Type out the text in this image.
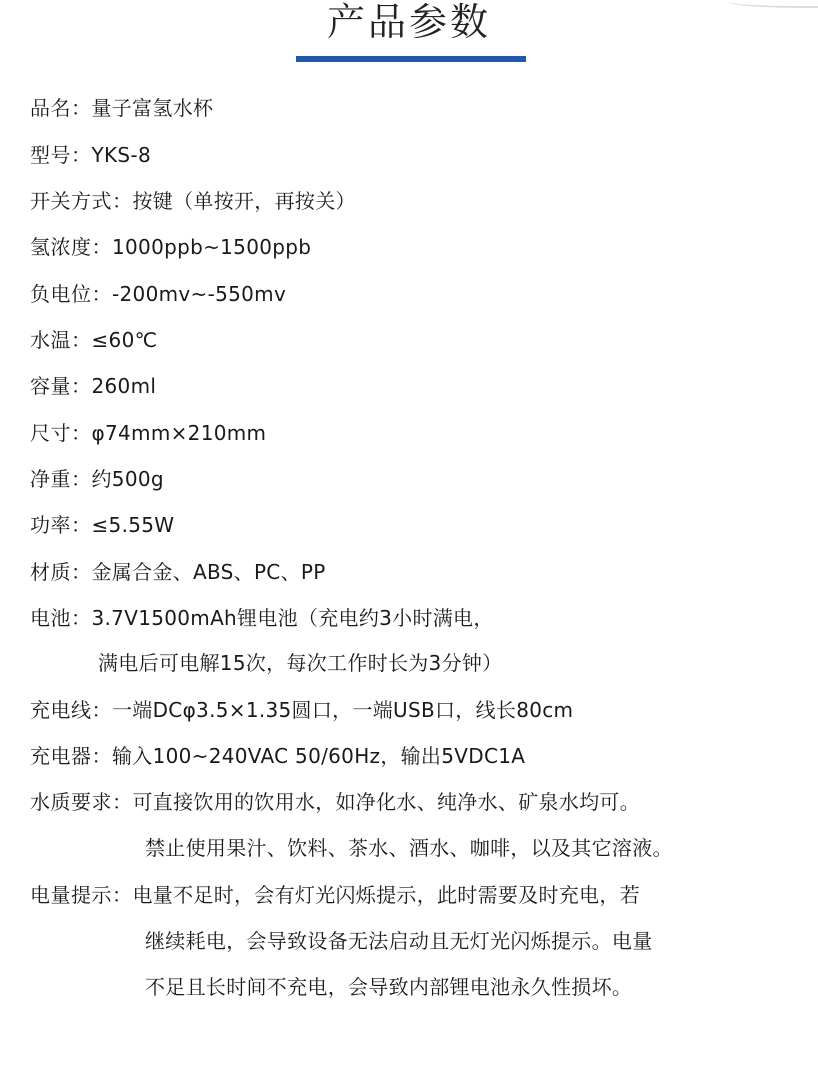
产品参数
品名：量子富氢水杯
型号：YKS-8
开关方式：按键（单按开，再按关）
氢浓度：1000ppb~1500ppb
负电位：-200mv~-550mv
水温：≤60℃
容量：260ml
尺寸：φ74mm×210mm
净重：约500g
功率：≤5.55W
材质：金属合金、ABS、PC、PP
电池：3.7V1500mAh锂电池（充电约3小时满电，
满电后可电解15次，每次工作时长为3分钟）
充电线：一端DCφ3.5×1.35圆口，一端USB口，线长80cm
充电器：输入100~240VAC 50/60Hz，输出5VDC1A
水质要求：可直接饮用的饮用水，如净化水、纯净水、矿泉水均可。
禁止使用果汁、饮料、茶水、酒水、咖啡，以及其它溶液。
电量提示：电量不足时，会有灯光闪烁提示，此时需要及时充电，若
继续耗电，会导致设备无法启动且无灯光闪烁提示。电量
不足且长时间不充电，会导致内部锂电池永久性损坏。
